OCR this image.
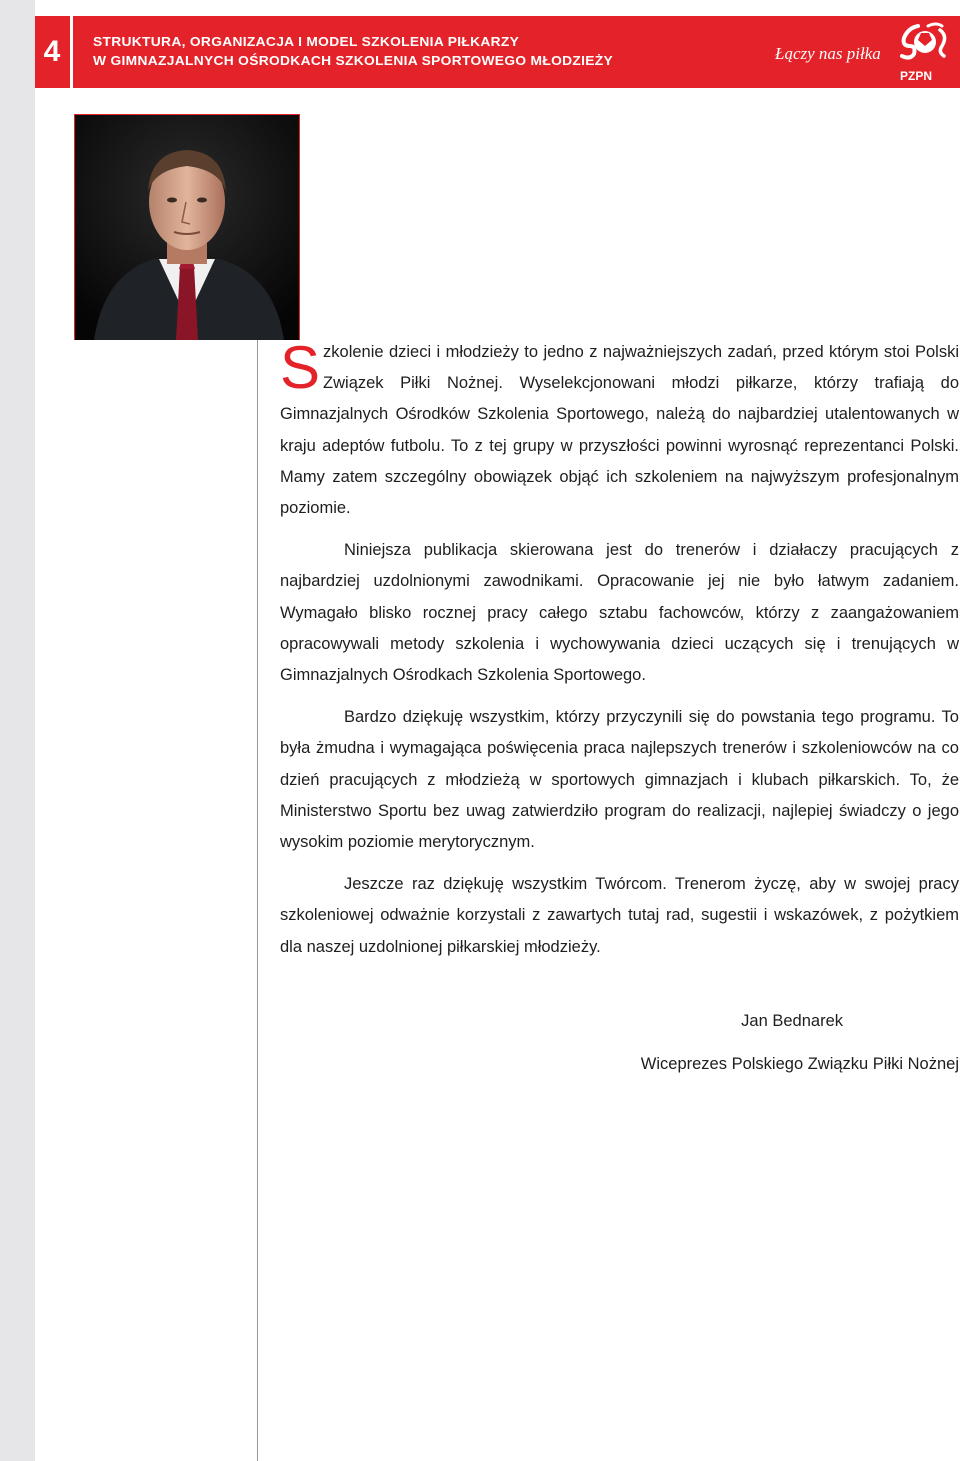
4	STRUKTURA, ORGANIZACJA I MODEL SZKOLENIA PIŁKARZY
W GIMNAZJALNYCH OŚRODKACH SZKOLENIA SPORTOWEGO MŁODZIEŻY	Łączy nas piłka
PZPN

Szkolenie dzieci i młodzieży to jedno z najważniejszych zadań, przed którym stoi Polski Związek Piłki Nożnej. Wyselekcjonowani młodzi piłkarze, którzy trafiają do Gimnazjalnych Ośrodków Szkolenia Sportowego, należą do najbardziej utalentowanych w kraju adeptów futbolu. To z tej grupy w przyszłości powinni wyrosnąć reprezentanci Polski. Mamy zatem szczególny obowiązek objąć ich szkoleniem na najwyższym profesjonalnym poziomie.

Niniejsza publikacja skierowana jest do trenerów i działaczy pracujących z najbardziej uzdolnionymi zawodnikami. Opracowanie jej nie było łatwym zadaniem. Wymagało blisko rocznej pracy całego sztabu fachowców, którzy z zaangażowaniem opracowywali metody szkolenia i wychowywania dzieci uczących się i trenujących w Gimnazjalnych Ośrodkach Szkolenia Sportowego.

Bardzo dziękuję wszystkim, którzy przyczynili się do powstania tego programu. To była żmudna i wymagająca poświęcenia praca najlepszych trenerów i szkoleniowców na co dzień pracujących z młodzieżą w sportowych gimnazjach i klubach piłkarskich. To, że Ministerstwo Sportu bez uwag zatwierdziło program do realizacji, najlepiej świadczy o jego wysokim poziomie merytorycznym.

Jeszcze raz dziękuję wszystkim Twórcom. Trenerom życzę, aby w swojej pracy szkoleniowej odważnie korzystali z zawartych tutaj rad, sugestii i wskazówek, z pożytkiem dla naszej uzdolnionej piłkarskiej młodzieży.

Jan Bednarek
Wiceprezes Polskiego Związku Piłki Nożnej
